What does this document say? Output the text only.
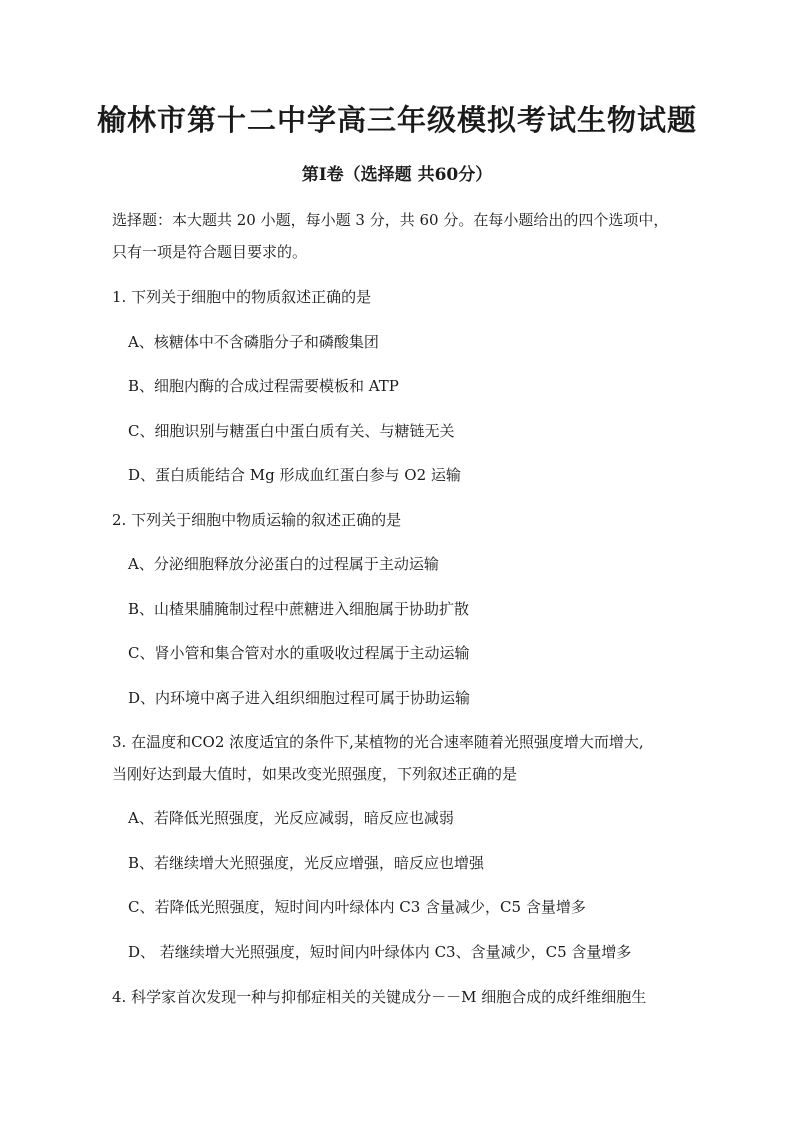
榆林市第十二中学高三年级模拟考试生物试题
第Ⅰ卷（选择题 共60分）
选择题：本大题共 20 小题，每小题 3 分，共 60 分。在每小题给出的四个选项中，
只有一项是符合题目要求的。
1. 下列关于细胞中的物质叙述正确的是
A、核糖体中不含磷脂分子和磷酸集团
B、细胞内酶的合成过程需要模板和 ATP
C、细胞识别与糖蛋白中蛋白质有关、与糖链无关
D、蛋白质能结合 Mg 形成血红蛋白参与 O2 运输
2. 下列关于细胞中物质运输的叙述正确的是
A、分泌细胞释放分泌蛋白的过程属于主动运输
B、山楂果脯腌制过程中蔗糖进入细胞属于协助扩散
C、肾小管和集合管对水的重吸收过程属于主动运输
D、内环境中离子进入组织细胞过程可属于协助运输
3. 在温度和CO2 浓度适宜的条件下,某植物的光合速率随着光照强度增大而增大,
当刚好达到最大值时，如果改变光照强度，下列叙述正确的是
A、若降低光照强度，光反应减弱，暗反应也减弱
B、若继续增大光照强度，光反应增强，暗反应也增强
C、若降低光照强度，短时间内叶绿体内 C3 含量减少，C5 含量增多
D、 若继续增大光照强度，短时间内叶绿体内 C3、含量减少，C5 含量增多
4. 科学家首次发现一种与抑郁症相关的关键成分－－M 细胞合成的成纤维细胞生
